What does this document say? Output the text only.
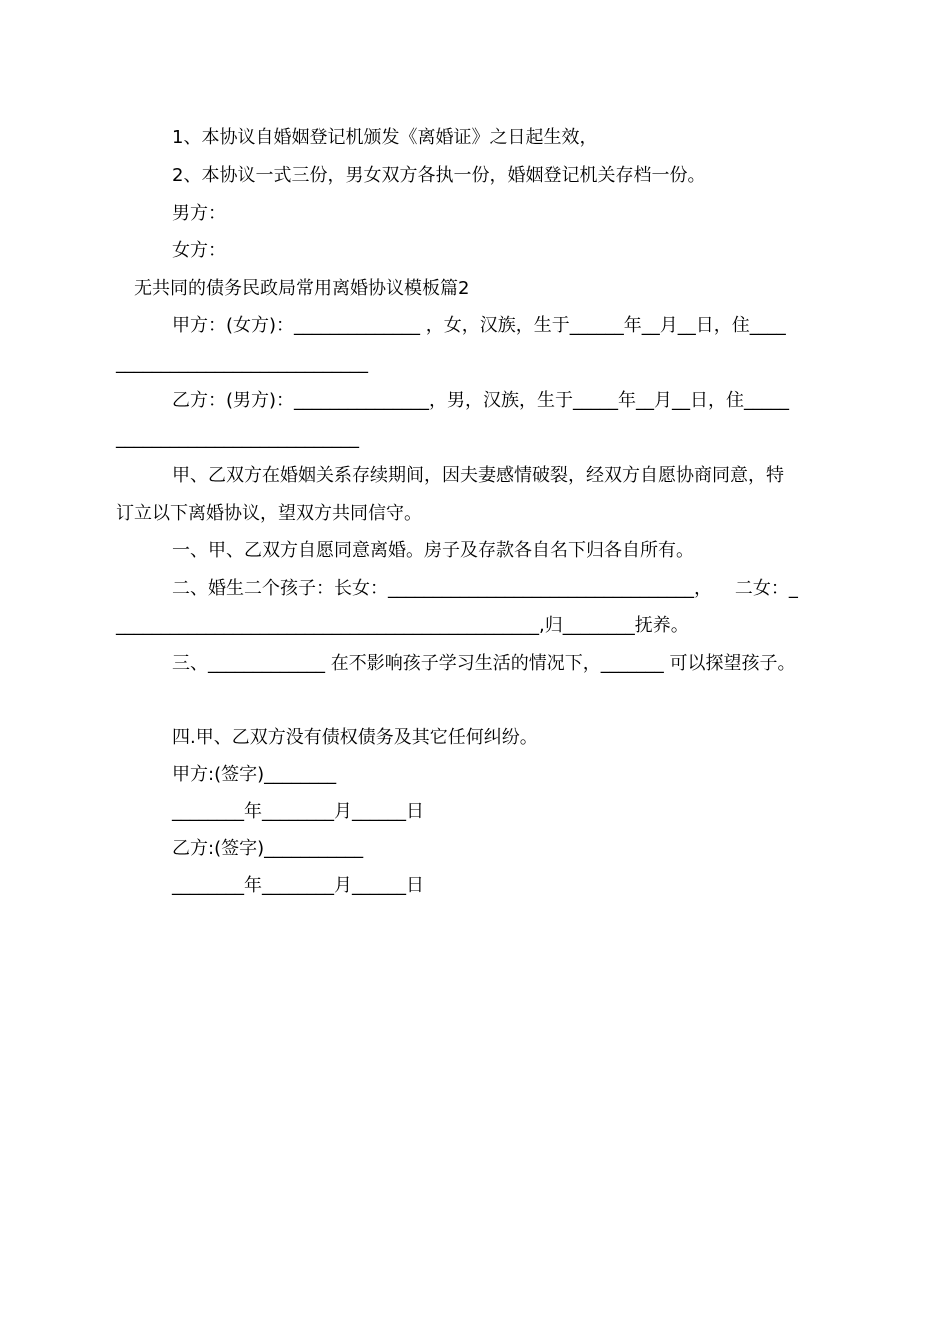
1、本协议自婚姻登记机颁发《离婚证》之日起生效，
2、本协议一式三份，男女双方各执一份，婚姻登记机关存档一份。
男方：
女方：
无共同的债务民政局常用离婚协议模板篇2
甲方：(女方)：______________ ，女，汉族，生于______年__月__日，住____
____________________________
乙方：(男方)：_______________，男，汉族，生于_____年__月__日，住_____
___________________________
甲、乙双方在婚姻关系存续期间，因夫妻感情破裂，经双方自愿协商同意，特
订立以下离婚协议，望双方共同信守。
一、甲、乙双方自愿同意离婚。房子及存款各自名下归各自所有。
二、婚生二个孩子：长女：__________________________________，    二女：_
_______________________________________________,归________抚养。
三、_____________ 在不影响孩子学习生活的情况下，_______ 可以探望孩子。
四.甲、乙双方没有债权债务及其它任何纠纷。
甲方:(签字)________
________年________月______日
乙方:(签字)___________
________年________月______日
